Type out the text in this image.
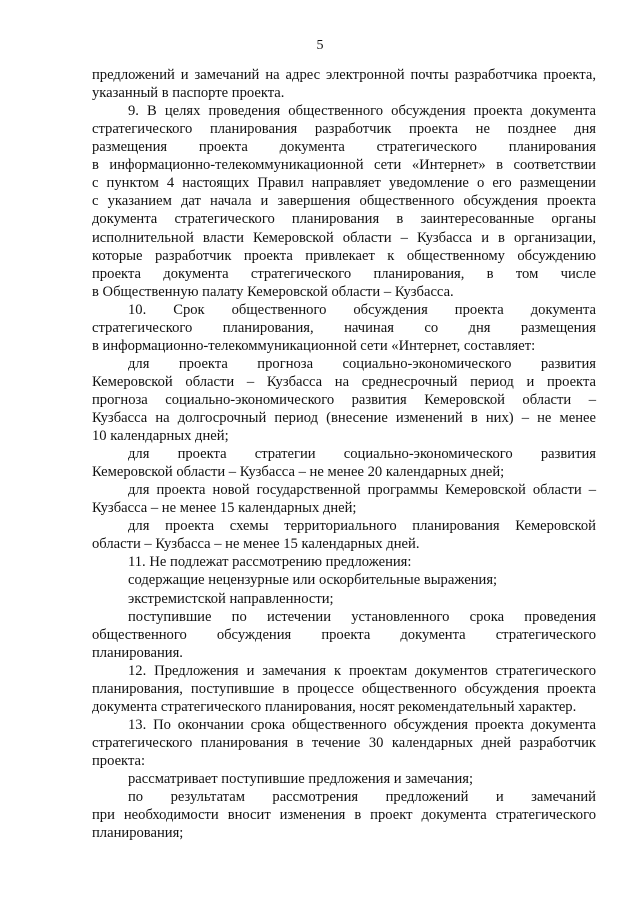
5
предложений и замечаний на адрес электронной почты разработчика проекта,
указанный в паспорте проекта.
9. В целях проведения общественного обсуждения проекта документа
стратегического планирования разработчик проекта не позднее дня
размещения проекта документа стратегического планирования
в информационно-телекоммуникационной сети «Интернет» в соответствии
с пунктом 4 настоящих Правил направляет уведомление о его размещении
с указанием дат начала и завершения общественного обсуждения проекта
документа стратегического планирования в заинтересованные органы
исполнительной власти Кемеровской области – Кузбасса и в организации,
которые разработчик проекта привлекает к общественному обсуждению
проекта документа стратегического планирования, в том числе
в Общественную палату Кемеровской области – Кузбасса.
10. Срок общественного обсуждения проекта документа
стратегического планирования, начиная со дня размещения
в информационно-телекоммуникационной сети «Интернет, составляет:
для проекта прогноза социально-экономического развития
Кемеровской области – Кузбасса на среднесрочный период и проекта
прогноза социально-экономического развития Кемеровской области –
Кузбасса на долгосрочный период (внесение изменений в них) – не менее
10 календарных дней;
для проекта стратегии социально-экономического развития
Кемеровской области – Кузбасса – не менее 20 календарных дней;
для проекта новой государственной программы Кемеровской области –
Кузбасса – не менее 15 календарных дней;
для проекта схемы территориального планирования Кемеровской
области – Кузбасса – не менее 15 календарных дней.
11. Не подлежат рассмотрению предложения:
содержащие нецензурные или оскорбительные выражения;
экстремистской направленности;
поступившие по истечении установленного срока проведения
общественного обсуждения проекта документа стратегического
планирования.
12. Предложения и замечания к проектам документов стратегического
планирования, поступившие в процессе общественного обсуждения проекта
документа стратегического планирования, носят рекомендательный характер.
13. По окончании срока общественного обсуждения проекта документа
стратегического планирования в течение 30 календарных дней разработчик
проекта:
рассматривает поступившие предложения и замечания;
по результатам рассмотрения предложений и замечаний
при необходимости вносит изменения в проект документа стратегического
планирования;
